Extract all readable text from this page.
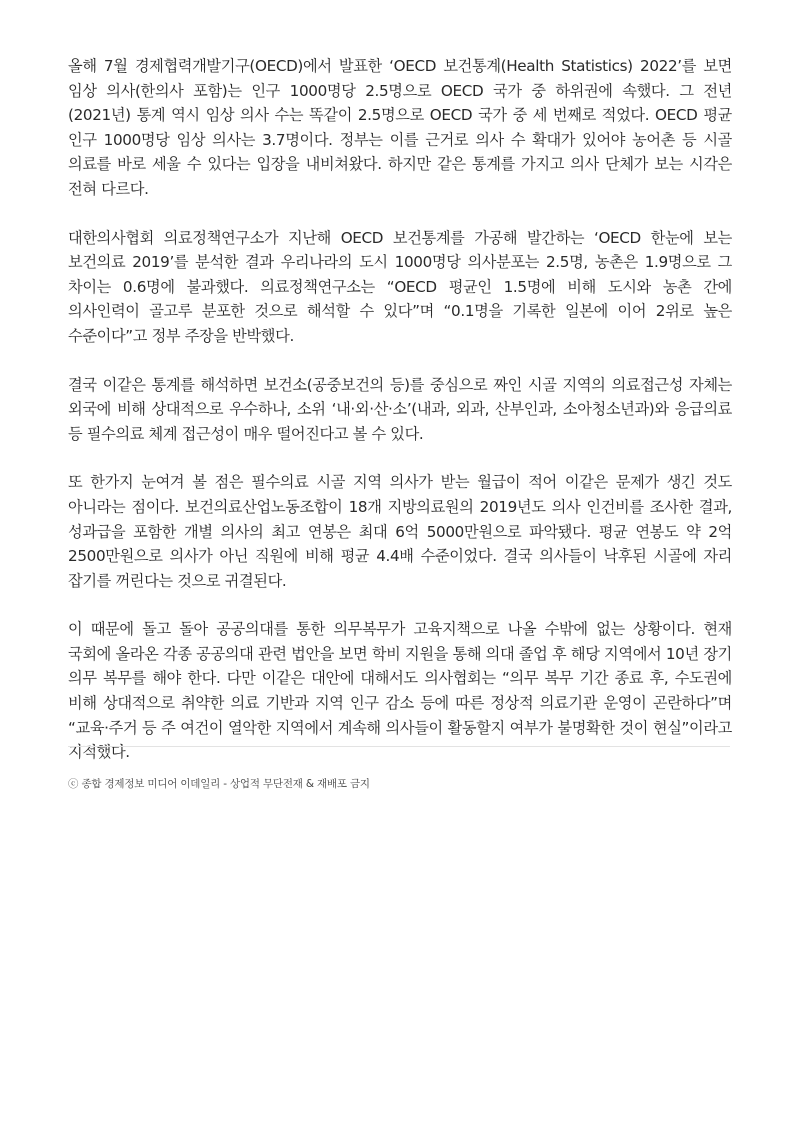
올해 7월 경제협력개발기구(OECD)에서 발표한 ‘OECD 보건통계(Health Statistics) 2022’를 보면 임상 의사(한의사 포함)는 인구 1000명당 2.5명으로 OECD 국가 중 하위권에 속했다. 그 전년(2021년) 통계 역시 임상 의사 수는 똑같이 2.5명으로 OECD 국가 중 세 번째로 적었다. OECD 평균 인구 1000명당 임상 의사는 3.7명이다. 정부는 이를 근거로 의사 수 확대가 있어야 농어촌 등 시골 의료를 바로 세울 수 있다는 입장을 내비쳐왔다. 하지만 같은 통계를 가지고 의사 단체가 보는 시각은 전혀 다르다.

대한의사협회 의료정책연구소가 지난해 OECD 보건통계를 가공해 발간하는 ‘OECD 한눈에 보는 보건의료 2019’를 분석한 결과 우리나라의 도시 1000명당 의사분포는 2.5명, 농촌은 1.9명으로 그 차이는 0.6명에 불과했다. 의료정책연구소는 “OECD 평균인 1.5명에 비해 도시와 농촌 간에 의사인력이 골고루 분포한 것으로 해석할 수 있다”며 “0.1명을 기록한 일본에 이어 2위로 높은 수준이다”고 정부 주장을 반박했다.

결국 이같은 통계를 해석하면 보건소(공중보건의 등)를 중심으로 짜인 시골 지역의 의료접근성 자체는 외국에 비해 상대적으로 우수하나, 소위 ‘내·외·산·소’(내과, 외과, 산부인과, 소아청소년과)와 응급의료 등 필수의료 체계 접근성이 매우 떨어진다고 볼 수 있다.

또 한가지 눈여겨 볼 점은 필수의료 시골 지역 의사가 받는 월급이 적어 이같은 문제가 생긴 것도 아니라는 점이다. 보건의료산업노동조합이 18개 지방의료원의 2019년도 의사 인건비를 조사한 결과, 성과급을 포함한 개별 의사의 최고 연봉은 최대 6억 5000만원으로 파악됐다. 평균 연봉도 약 2억 2500만원으로 의사가 아닌 직원에 비해 평균 4.4배 수준이었다. 결국 의사들이 낙후된 시골에 자리 잡기를 꺼린다는 것으로 귀결된다.

이 때문에 돌고 돌아 공공의대를 통한 의무복무가 고육지책으로 나올 수밖에 없는 상황이다. 현재 국회에 올라온 각종 공공의대 관련 법안을 보면 학비 지원을 통해 의대 졸업 후 해당 지역에서 10년 장기 의무 복무를 해야 한다. 다만 이같은 대안에 대해서도 의사협회는 “의무 복무 기간 종료 후, 수도권에 비해 상대적으로 취약한 의료 기반과 지역 인구 감소 등에 따른 정상적 의료기관 운영이 곤란하다”며 “교육·주거 등 주 여건이 열악한 지역에서 계속해 의사들이 활동할지 여부가 불명확한 것이 현실”이라고 지적했다.

ⓒ 종합 경제정보 미디어 이데일리 - 상업적 무단전재 & 재배포 금지
